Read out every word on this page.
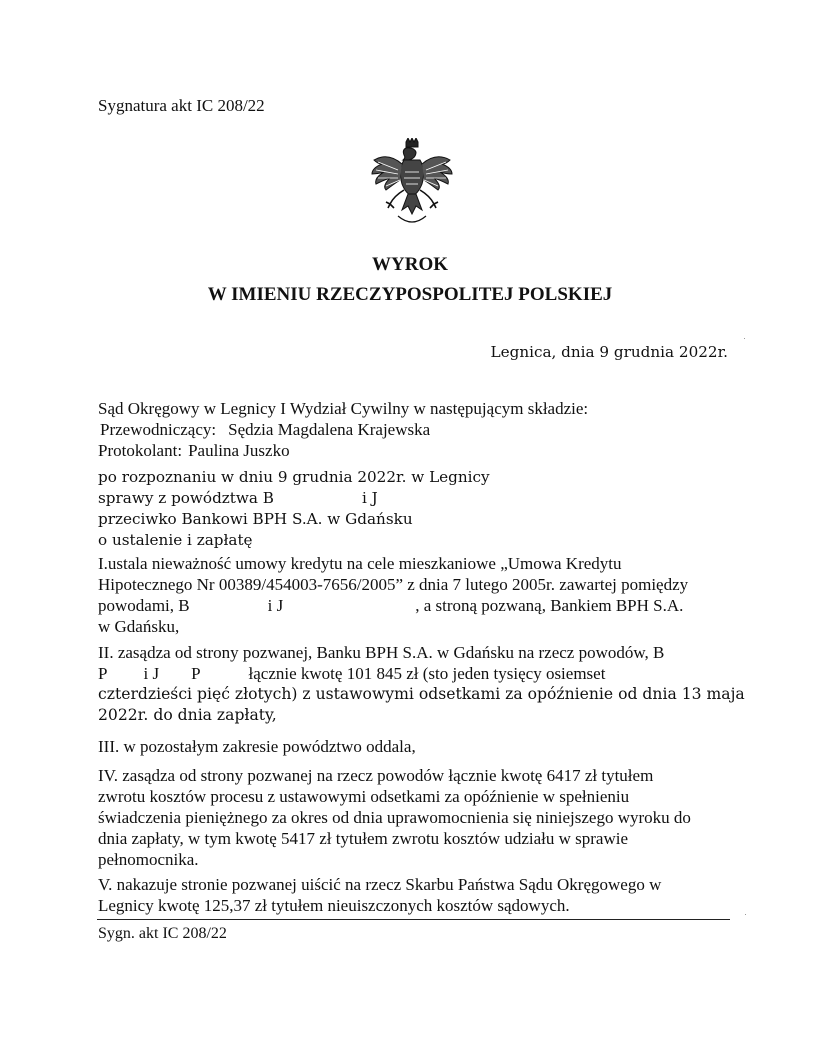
Sygnatura akt IC 208/22
WYROK
W IMIENIU RZECZYPOSPOLITEJ POLSKIEJ
Legnica, dnia 9 grudnia 2022r.
Sąd Okręgowy w Legnicy I Wydział Cywilny w następującym składzie:
Przewodniczący: Sędzia Magdalena Krajewska
Protokolant: Paulina Juszko
po rozpoznaniu w dniu 9 grudnia 2022r. w Legnicy
sprawy z powództwa B	i J
przeciwko Bankowi BPH S.A. w Gdańsku
o ustalenie i zapłatę
I.ustala nieważność umowy kredytu na cele mieszkaniowe „Umowa Kredytu
Hipotecznego Nr 00389/454003-7656/2005” z dnia 7 lutego 2005r. zawartej pomiędzy
powodami, B	i J	, a stroną pozwaną, Bankiem BPH S.A.
w Gdańsku,
II. zasądza od strony pozwanej, Banku BPH S.A. w Gdańsku na rzecz powodów, B
P i J P	łącznie kwotę 101 845 zł (sto jeden tysięcy osiemset
czterdzieści pięć złotych) z ustawowymi odsetkami za opóźnienie od dnia 13 maja
2022r. do dnia zapłaty,
III. w pozostałym zakresie powództwo oddala,
IV. zasądza od strony pozwanej na rzecz powodów łącznie kwotę 6417 zł tytułem
zwrotu kosztów procesu z ustawowymi odsetkami za opóźnienie w spełnieniu
świadczenia pieniężnego za okres od dnia uprawomocnienia się niniejszego wyroku do
dnia zapłaty, w tym kwotę 5417 zł tytułem zwrotu kosztów udziału w sprawie
pełnomocnika.
V. nakazuje stronie pozwanej uiścić na rzecz Skarbu Państwa Sądu Okręgowego w
Legnicy kwotę 125,37 zł tytułem nieuiszczonych kosztów sądowych.
Sygn. akt IC 208/22
